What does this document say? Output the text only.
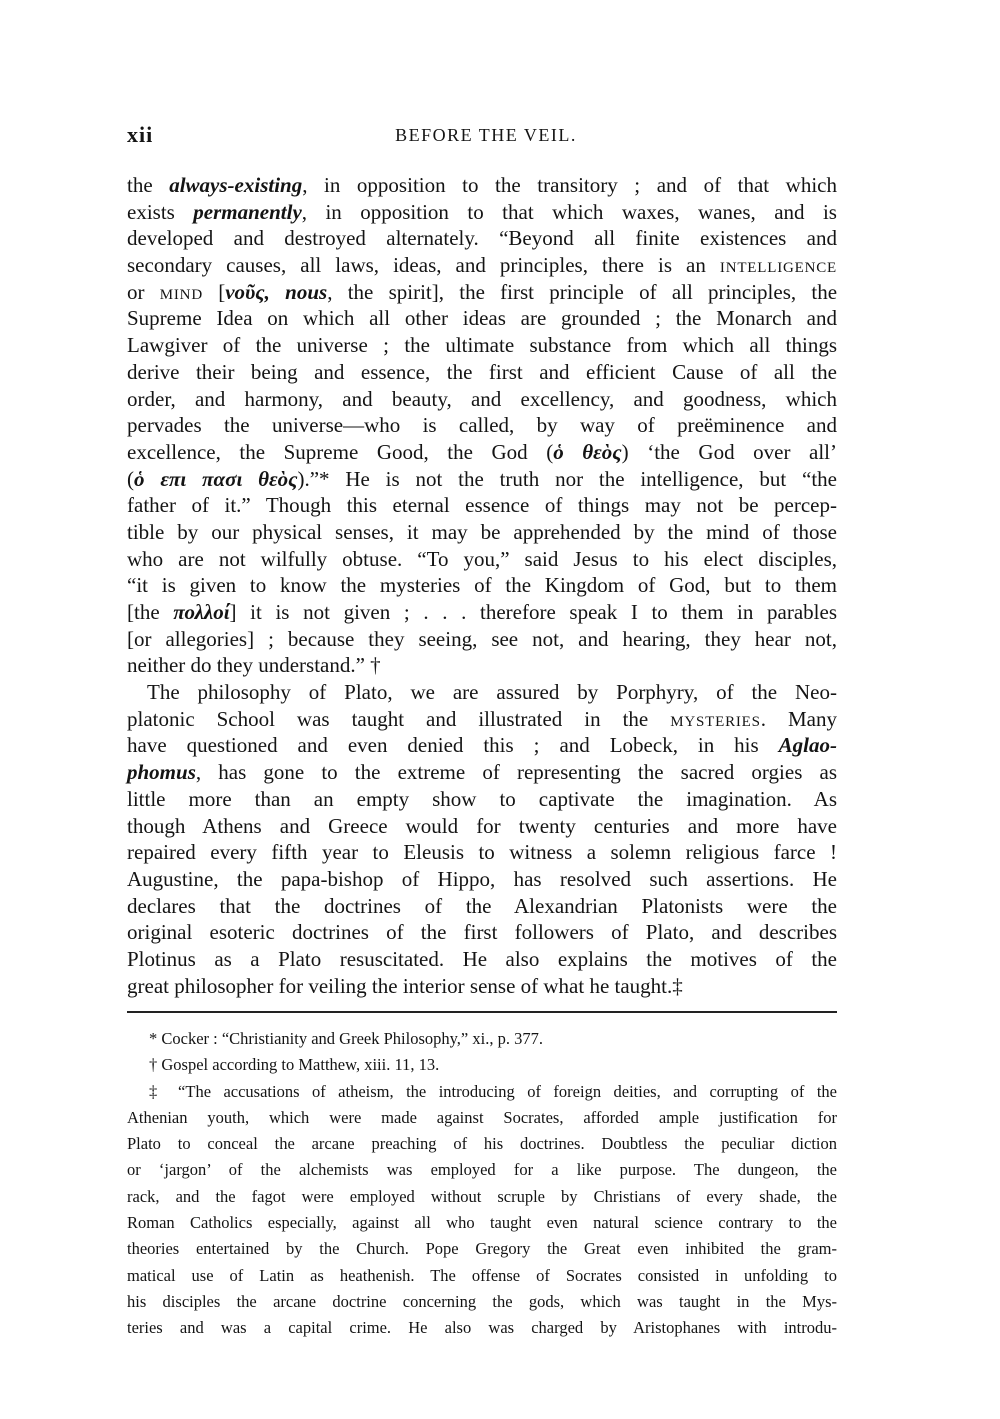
xii	BEFORE THE VEIL.
the always-existing, in opposition to the transitory ; and of that which
exists permanently, in opposition to that which waxes, wanes, and is
developed and destroyed alternately. “Beyond all finite existences and
secondary causes, all laws, ideas, and principles, there is an INTELLIGENCE
or MIND [νοῦς, nous, the spirit], the first principle of all principles, the
Supreme Idea on which all other ideas are grounded ; the Monarch and
Lawgiver of the universe ; the ultimate substance from which all things
derive their being and essence, the first and efficient Cause of all the
order, and harmony, and beauty, and excellency, and goodness, which
pervades the universe—who is called, by way of preëminence and
excellence, the Supreme Good, the God (ὁ θεὸς) ‘the God over all’
(ὁ επι πασι θεὸς).”* He is not the truth nor the intelligence, but “the
father of it.” Though this eternal essence of things may not be percep-
tible by our physical senses, it may be apprehended by the mind of those
who are not wilfully obtuse. “To you,” said Jesus to his elect disciples,
“it is given to know the mysteries of the Kingdom of God, but to them
[the πολλοί] it is not given ; . . . therefore speak I to them in parables
[or allegories] ; because they seeing, see not, and hearing, they hear not,
neither do they understand.” †
The philosophy of Plato, we are assured by Porphyry, of the Neo-
platonic School was taught and illustrated in the MYSTERIES. Many
have questioned and even denied this ; and Lobeck, in his Aglao-
phomus, has gone to the extreme of representing the sacred orgies as
little more than an empty show to captivate the imagination. As
though Athens and Greece would for twenty centuries and more have
repaired every fifth year to Eleusis to witness a solemn religious farce !
Augustine, the papa-bishop of Hippo, has resolved such assertions. He
declares that the doctrines of the Alexandrian Platonists were the
original esoteric doctrines of the first followers of Plato, and describes
Plotinus as a Plato resuscitated. He also explains the motives of the
great philosopher for veiling the interior sense of what he taught.‡
* Cocker : “Christianity and Greek Philosophy,” xi., p. 377.
† Gospel according to Matthew, xiii. 11, 13.
‡ “The accusations of atheism, the introducing of foreign deities, and corrupting of the
Athenian youth, which were made against Socrates, afforded ample justification for
Plato to conceal the arcane preaching of his doctrines. Doubtless the peculiar diction
or ‘jargon’ of the alchemists was employed for a like purpose. The dungeon, the
rack, and the fagot were employed without scruple by Christians of every shade, the
Roman Catholics especially, against all who taught even natural science contrary to the
theories entertained by the Church. Pope Gregory the Great even inhibited the gram-
matical use of Latin as heathenish. The offense of Socrates consisted in unfolding to
his disciples the arcane doctrine concerning the gods, which was taught in the Mys-
teries and was a capital crime. He also was charged by Aristophanes with introdu-
